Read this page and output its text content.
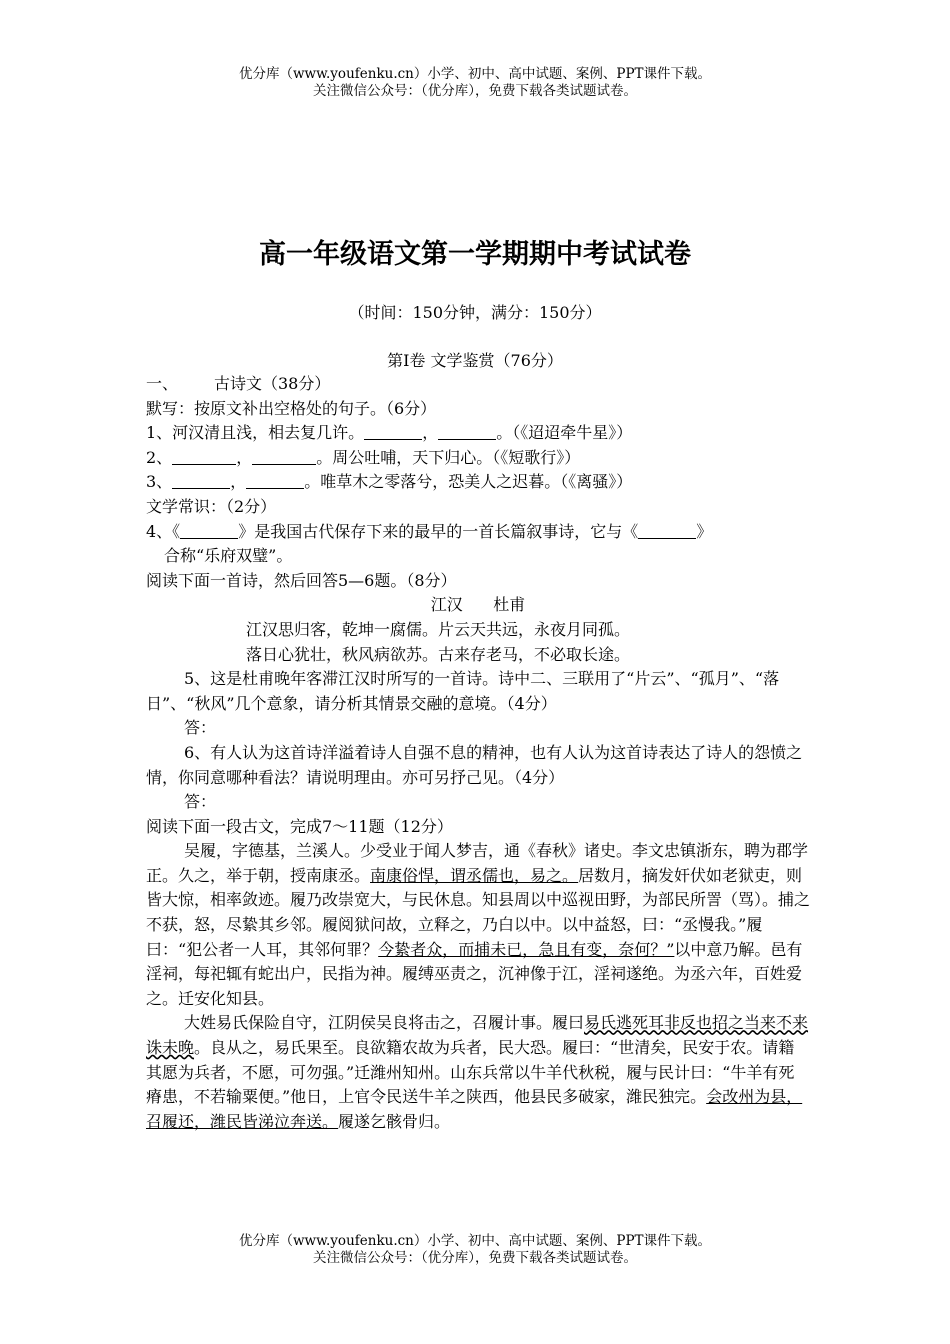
优分库（www.youfenku.cn）小学、初中、高中试题、案例、PPT课件下载。
关注微信公众号：（优分库），免费下载各类试题试卷。
高一年级语文第一学期期中考试试卷
（时间：150分钟，满分：150分）
第Ⅰ卷 文学鉴赏（76分）

一、 古诗文（38分）

默写：按原文补出空格处的句子。（6分）

1、河汉清且浅，相去复几许。	，	。（《迢迢牵牛星》）

2、	，	。周公吐哺，天下归心。（《短歌行》）

3、	，	。唯草木之零落兮，恐美人之迟暮。（《离骚》）

文学常识：（2分）

4、《	》是我国古代保存下来的最早的一首长篇叙事诗，它与《	》

合称“乐府双璧”。

阅读下面一首诗，然后回答5—6题。（8分）

江汉      杜甫

江汉思归客，乾坤一腐儒。片云天共远，永夜月同孤。

落日心犹壮，秋风病欲苏。古来存老马，不必取长途。

5、这是杜甫晚年客滞江汉时所写的一首诗。诗中二、三联用了“片云”、“孤月”、“落日”、“秋风”几个意象，请分析其情景交融的意境。（4分）

答：

6、有人认为这首诗洋溢着诗人自强不息的精神，也有人认为这首诗表达了诗人的怨愤之情，你同意哪种看法？请说明理由。亦可另抒己见。（4分）

答：

阅读下面一段古文，完成7～11题（12分）

吴履，字德基，兰溪人。少受业于闻人梦吉，通《春秋》诸史。李文忠镇浙东，聘为郡学正。久之，举于朝，授南康丞。南康俗悍，谓丞儒也，易之。居数月，摘发奸伏如老狱吏，则皆大惊，相率敛迹。履乃改崇宽大，与民休息。知县周以中巡视田野，为部民所詈（骂）。捕之不获，怒，尽絷其乡邻。履阅狱问故，立释之，乃白以中。以中益怒，曰：“丞慢我。”履曰：“犯公者一人耳，其邻何罪？今絷者众，而捕未已，急且有变，奈何？”以中意乃解。邑有淫祠，每祀辄有蛇出户，民指为神。履缚巫责之，沉神像于江，淫祠遂绝。为丞六年，百姓爱之。迁安化知县。

大姓易氏保险自守，江阴侯吴良将击之，召履计事。履曰易氏逃死耳非反也招之当来不来诛未晚。良从之，易氏果至。良欲籍农故为兵者，民大恐。履曰：“世清矣，民安于农。请籍其愿为兵者，不愿，可勿强。”迁潍州知州。山东兵常以牛羊代秋税，履与民计曰：“牛羊有死瘠患，不若输粟便。”他日，上官令民送牛羊之陕西，他县民多破家，潍民独完。会改州为县，召履还，潍民皆涕泣奔送。履遂乞骸骨归。

优分库（www.youfenku.cn）小学、初中、高中试题、案例、PPT课件下载。
关注微信公众号：（优分库），免费下载各类试题试卷。
